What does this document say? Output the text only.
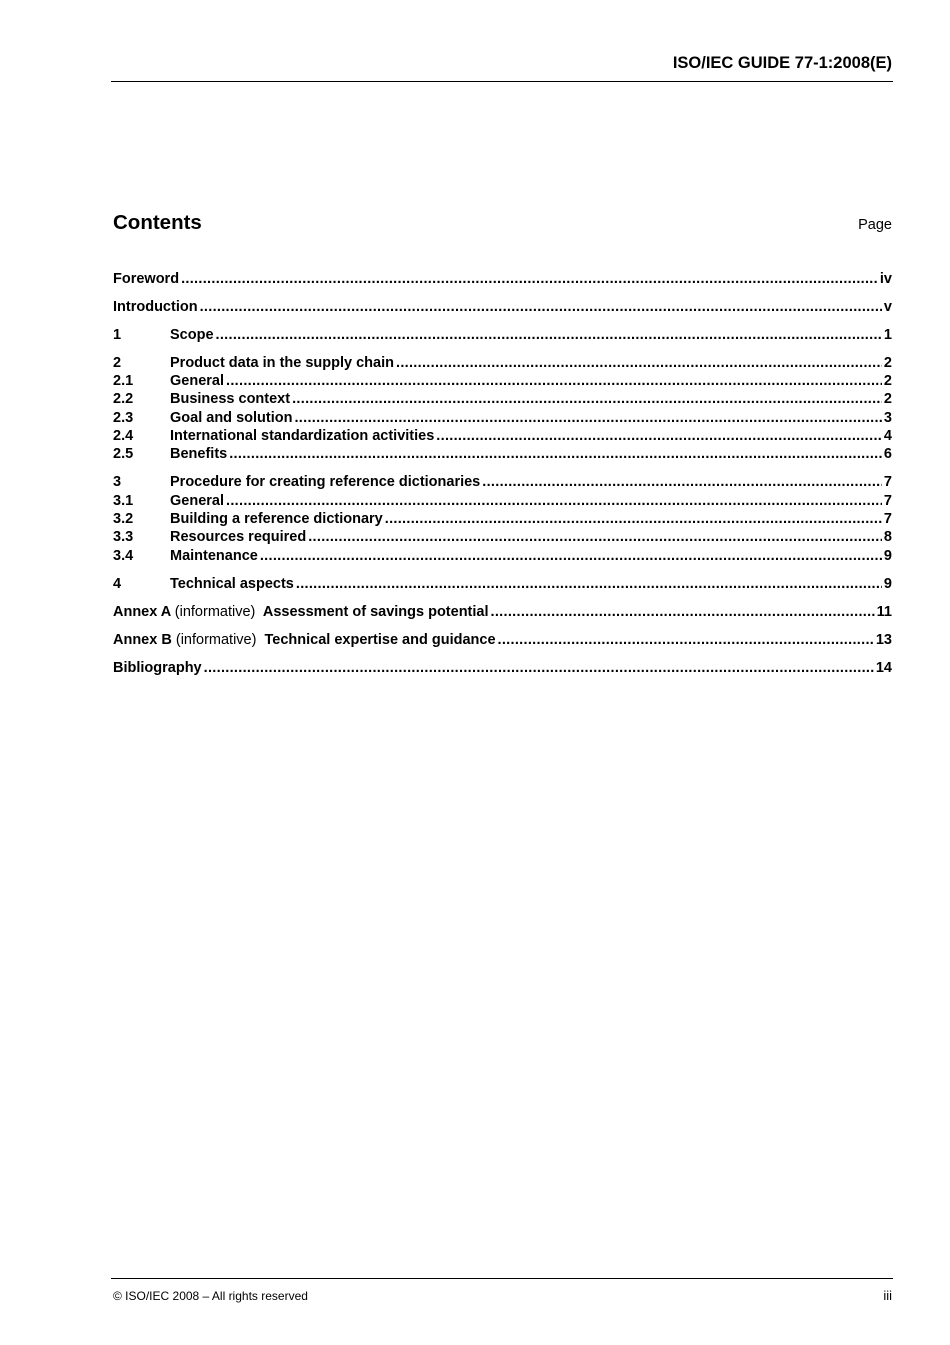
ISO/IEC GUIDE 77-1:2008(E)
Contents	Page
Foreword .....	iv
Introduction .....	v
1	Scope .....	1
2	Product data in the supply chain .....	2
2.1	General .....	2
2.2	Business context .....	2
2.3	Goal and solution .....	3
2.4	International standardization activities .....	4
2.5	Benefits .....	6
3	Procedure for creating reference dictionaries .....	7
3.1	General .....	7
3.2	Building a reference dictionary .....	7
3.3	Resources required .....	8
3.4	Maintenance .....	9
4	Technical aspects .....	9
Annex A (informative) Assessment of savings potential .....	11
Annex B (informative) Technical expertise and guidance .....	13
Bibliography .....	14
© ISO/IEC 2008 – All rights reserved	iii
